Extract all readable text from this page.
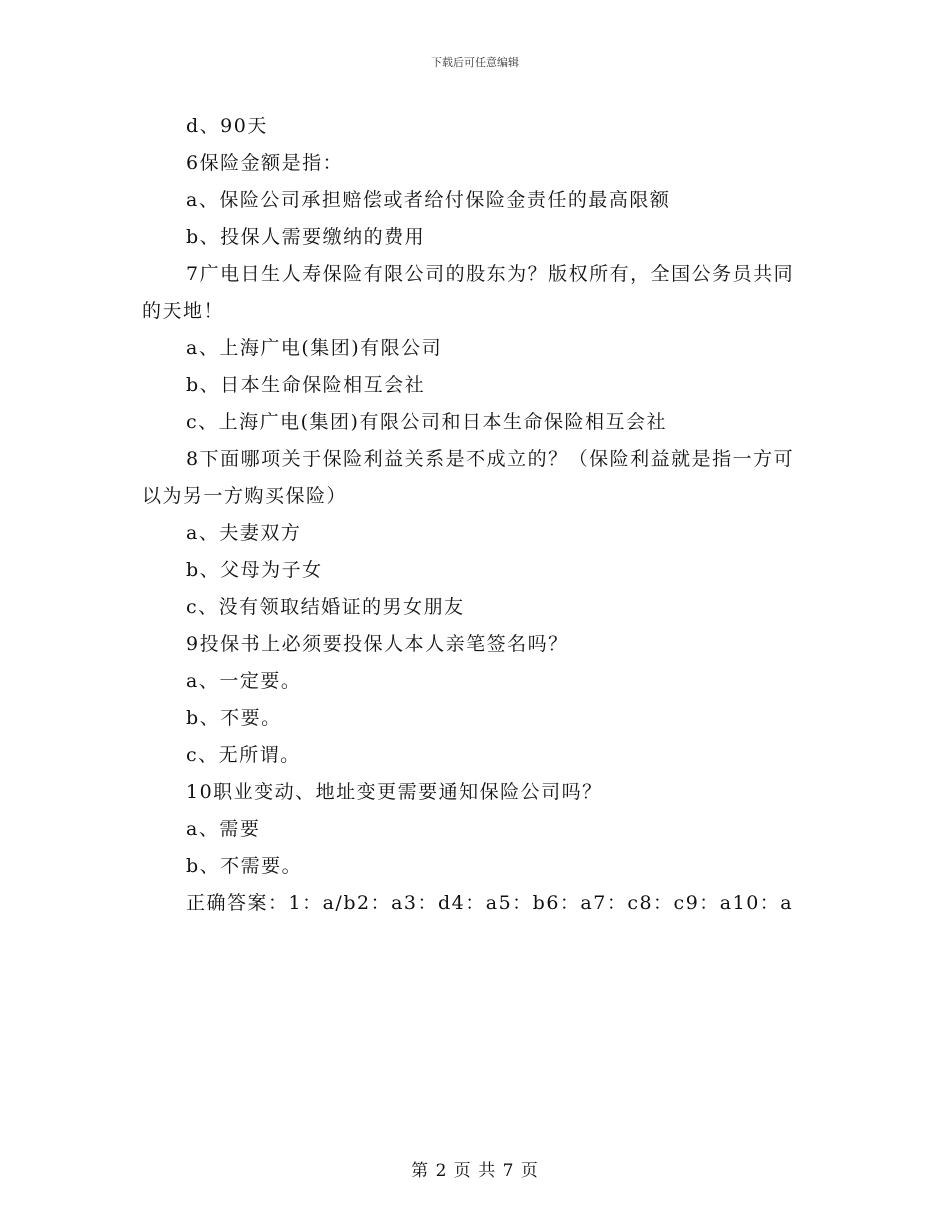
下载后可任意编辑
d、90天
6保险金额是指：
a、保险公司承担赔偿或者给付保险金责任的最高限额
b、投保人需要缴纳的费用
7广电日生人寿保险有限公司的股东为？版权所有，全国公务员共同的天地！
a、上海广电(集团)有限公司
b、日本生命保险相互会社
c、上海广电(集团)有限公司和日本生命保险相互会社
8下面哪项关于保险利益关系是不成立的？（保险利益就是指一方可以为另一方购买保险）
a、夫妻双方
b、父母为子女
c、没有领取结婚证的男女朋友
9投保书上必须要投保人本人亲笔签名吗？
a、一定要。
b、不要。
c、无所谓。
10职业变动、地址变更需要通知保险公司吗？
a、需要
b、不需要。
正确答案：1：a/b2：a3：d4：a5：b6：a7：c8：c9：a10：a
第 2 页 共 7 页
